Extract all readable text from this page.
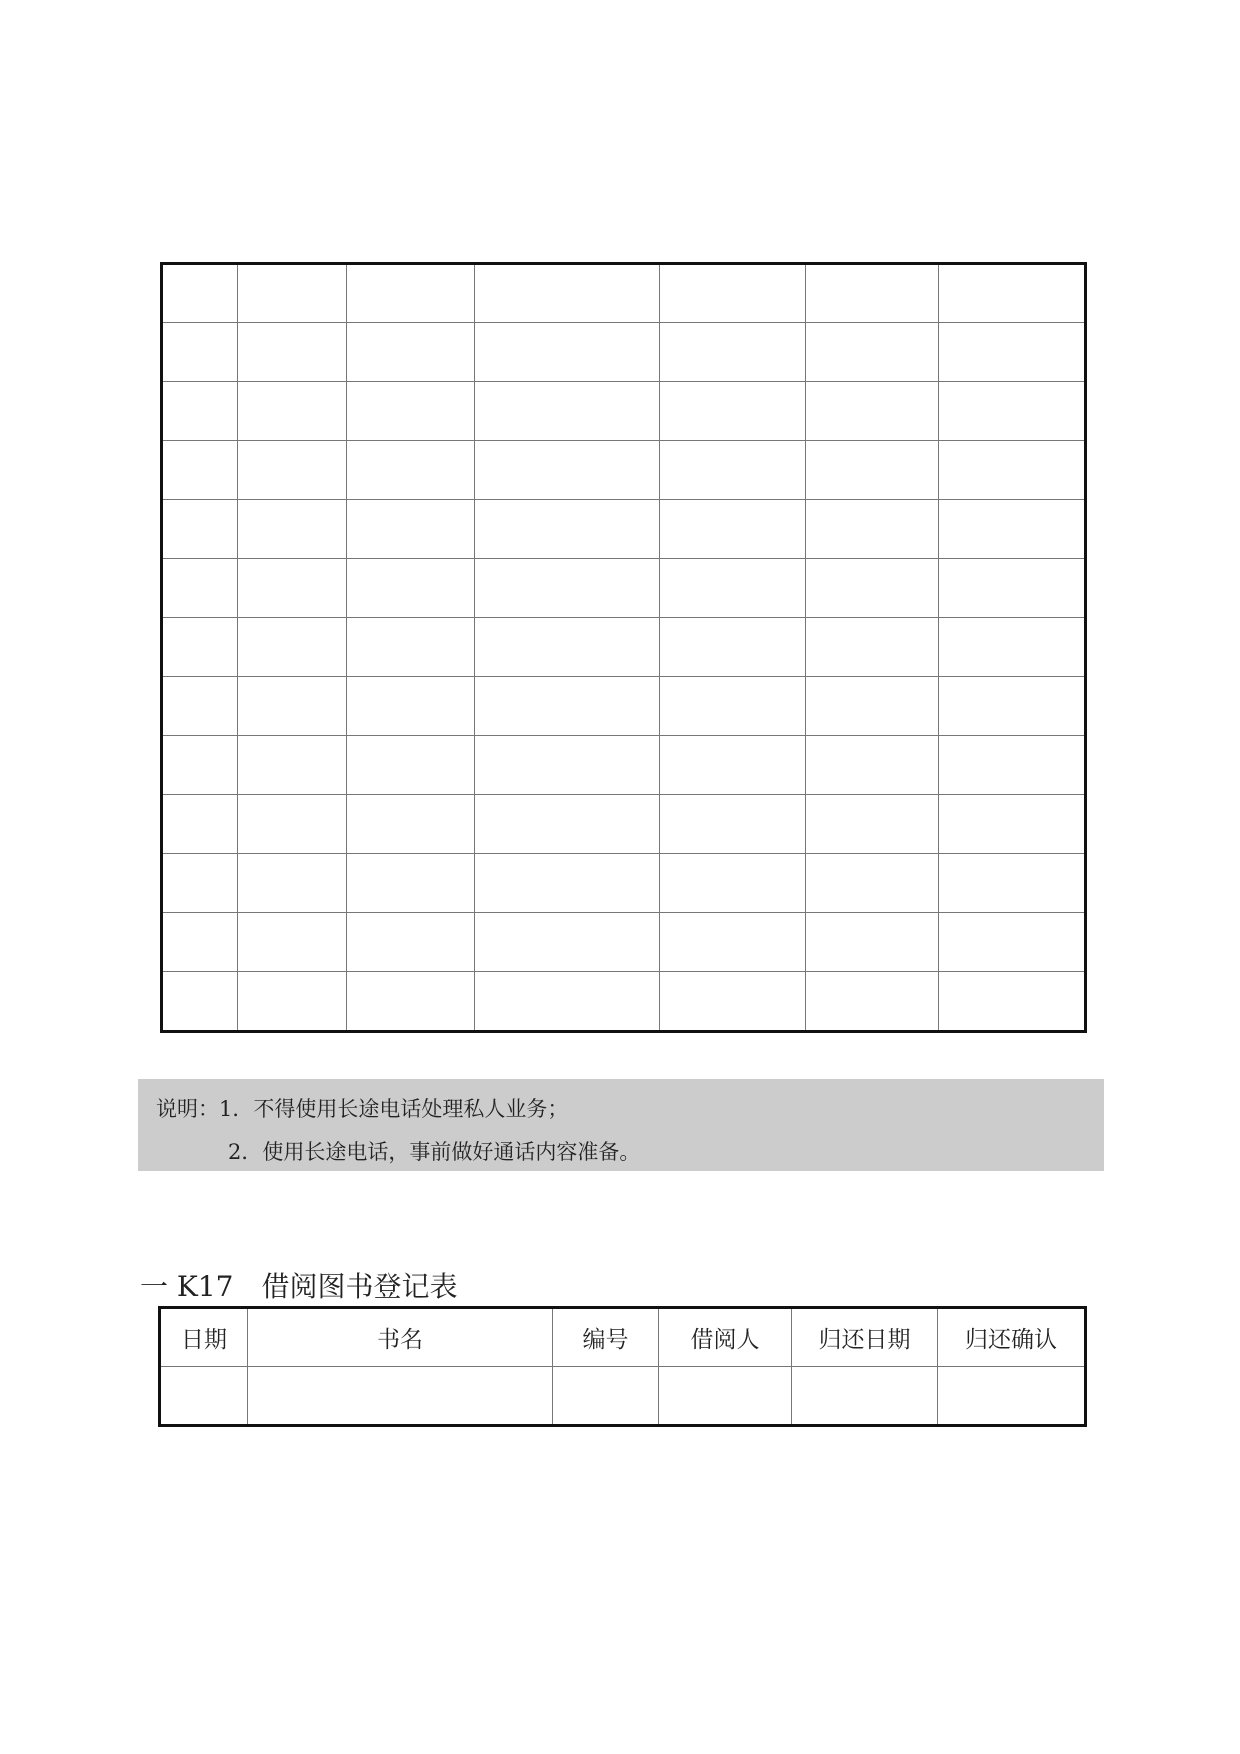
说明：1．不得使用长途电话处理私人业务；
2．使用长途电话，事前做好通话内容准备。
一 K17 借阅图书登记表
日期	书名	编号	借阅人	归还日期	归还确认
